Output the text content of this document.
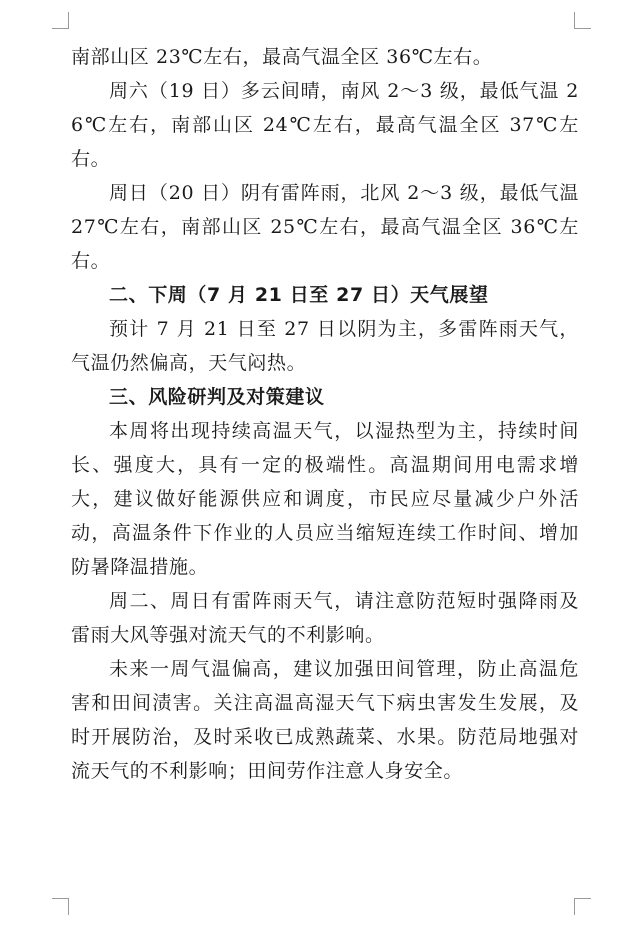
南部山区 23℃左右，最高气温全区 36℃左右。

周六（19 日）多云间晴，南风 2～3 级，最低气温 26℃左右，南部山区 24℃左右，最高气温全区 37℃左右。

周日（20 日）阴有雷阵雨，北风 2～3 级，最低气温 27℃左右，南部山区 25℃左右，最高气温全区 36℃左右。

二、下周（7 月 21 日至 27 日）天气展望

预计 7 月 21 日至 27 日以阴为主，多雷阵雨天气，气温仍然偏高，天气闷热。

三、风险研判及对策建议

本周将出现持续高温天气，以湿热型为主，持续时间长、强度大，具有一定的极端性。高温期间用电需求增大，建议做好能源供应和调度，市民应尽量减少户外活动，高温条件下作业的人员应当缩短连续工作时间、增加防暑降温措施。

周二、周日有雷阵雨天气，请注意防范短时强降雨及雷雨大风等强对流天气的不利影响。

未来一周气温偏高，建议加强田间管理，防止高温危害和田间渍害。关注高温高湿天气下病虫害发生发展，及时开展防治，及时采收已成熟蔬菜、水果。防范局地强对流天气的不利影响；田间劳作注意人身安全。
